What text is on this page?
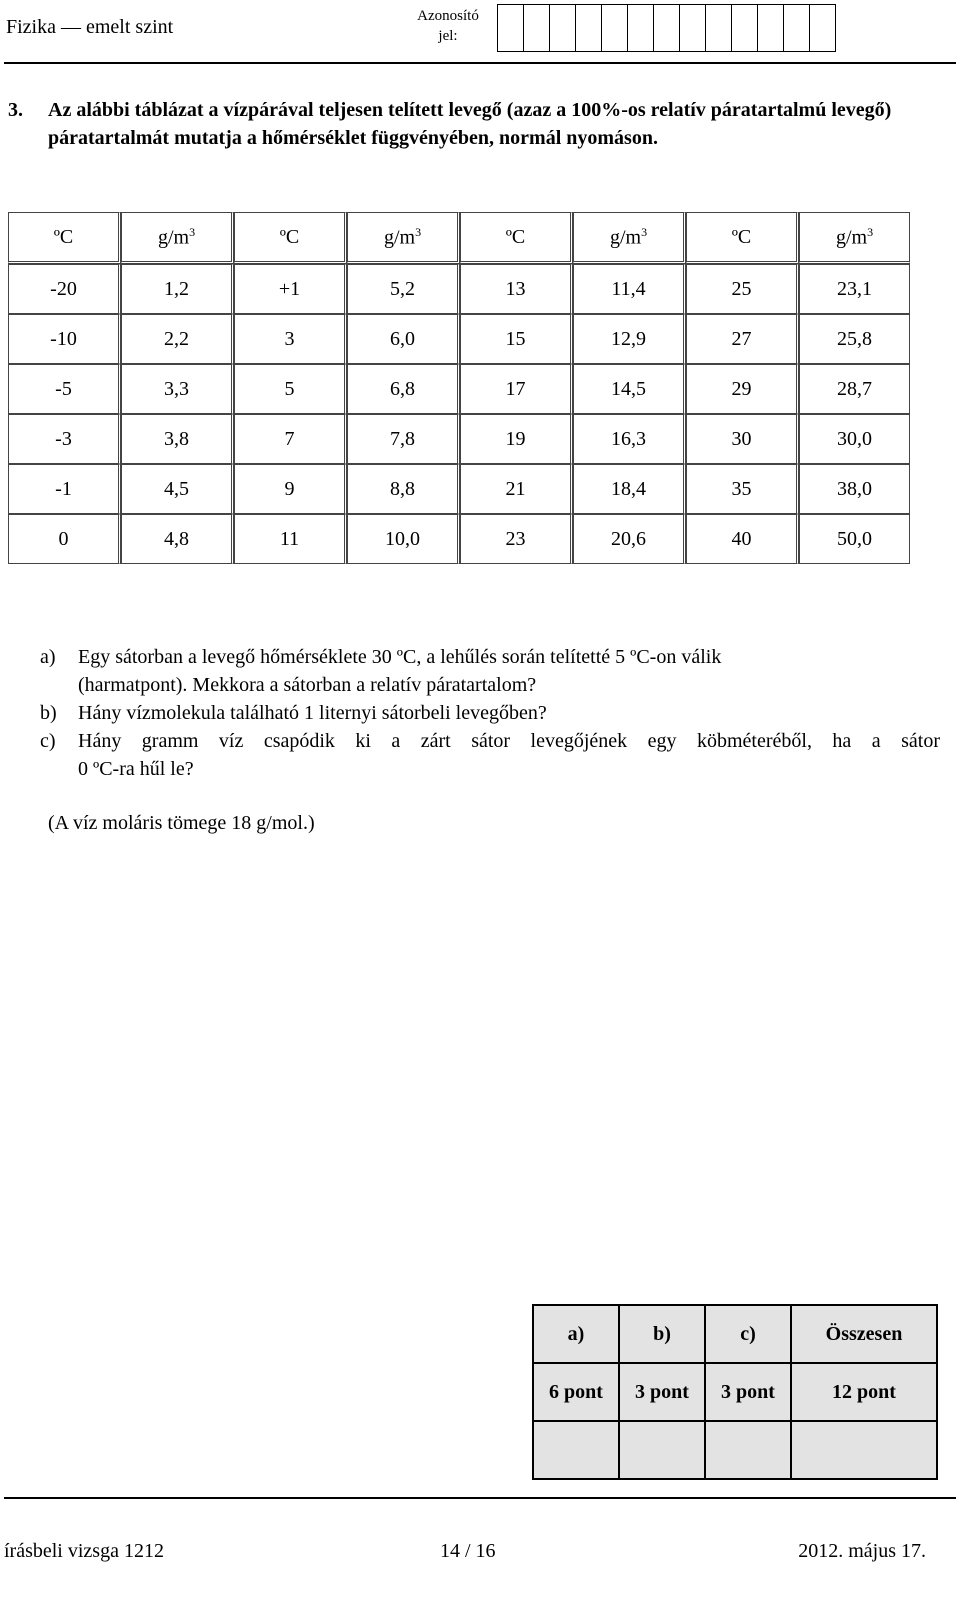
Fizika — emelt szint	Azonosító
jel:
3. Az alábbi táblázat a vízpárával teljesen telített levegő (azaz a 100%-os relatív páratartalmú levegő) páratartalmát mutatja a hőmérséklet függvényében, normál nyomáson.
ºC	$g/m^3$	ºC	$g/m^3$	ºC	$g/m^3$	ºC	$g/m^3$
-20	1,2	+1	5,2	13	11,4	25	23,1
-10	2,2	3	6,0	15	12,9	27	25,8
-5	3,3	5	6,8	17	14,5	29	28,7
-3	3,8	7	7,8	19	16,3	30	30,0
-1	4,5	9	8,8	21	18,4	35	38,0
0	4,8	11	10,0	23	20,6	40	50,0
a) Egy sátorban a levegő hőmérséklete 30 ºC, a lehűlés során telítetté 5 ºC-on válik
(harmatpont). Mekkora a sátorban a relatív páratartalom?
b) Hány vízmolekula található 1 liternyi sátorbeli levegőben?
c) Hány gramm víz csapódik ki a zárt sátor levegőjének egy köbméteréből, ha a sátor
0 ºC-ra hűl le?
(A víz moláris tömege 18 g/mol.)
a)	b)	c)	Összesen
6 pont	3 pont	3 pont	12 pont

írásbeli vizsga 1212	14 / 16	2012. május 17.
